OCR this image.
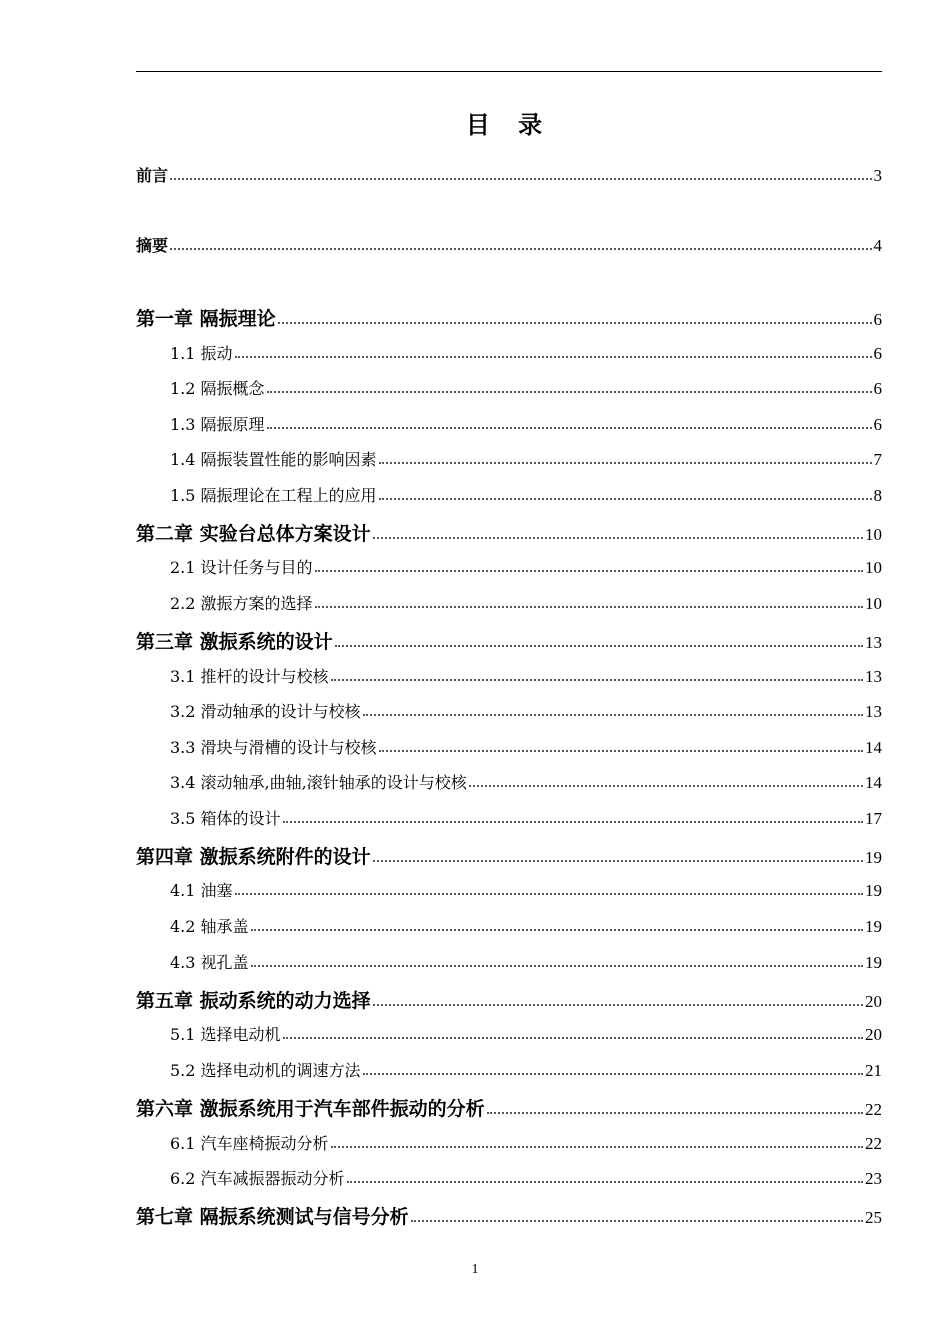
目 录
前言	3
摘要	4
第一章 隔振理论	6
1.1 振动	6
1.2 隔振概念	6
1.3 隔振原理	6
1.4 隔振装置性能的影响因素	7
1.5 隔振理论在工程上的应用	8
第二章 实验台总体方案设计	10
2.1 设计任务与目的	10
2.2 激振方案的选择	10
第三章 激振系统的设计	13
3.1 推杆的设计与校核	13
3.2 滑动轴承的设计与校核	13
3.3 滑块与滑槽的设计与校核	14
3.4 滚动轴承,曲轴,滚针轴承的设计与校核	14
3.5 箱体的设计	17
第四章 激振系统附件的设计	19
4.1 油塞	19
4.2 轴承盖	19
4.3 视孔盖	19
第五章 振动系统的动力选择	20
5.1 选择电动机	20
5.2 选择电动机的调速方法	21
第六章 激振系统用于汽车部件振动的分析	22
6.1 汽车座椅振动分析	22
6.2 汽车减振器振动分析	23
第七章 隔振系统测试与信号分析	25
1
